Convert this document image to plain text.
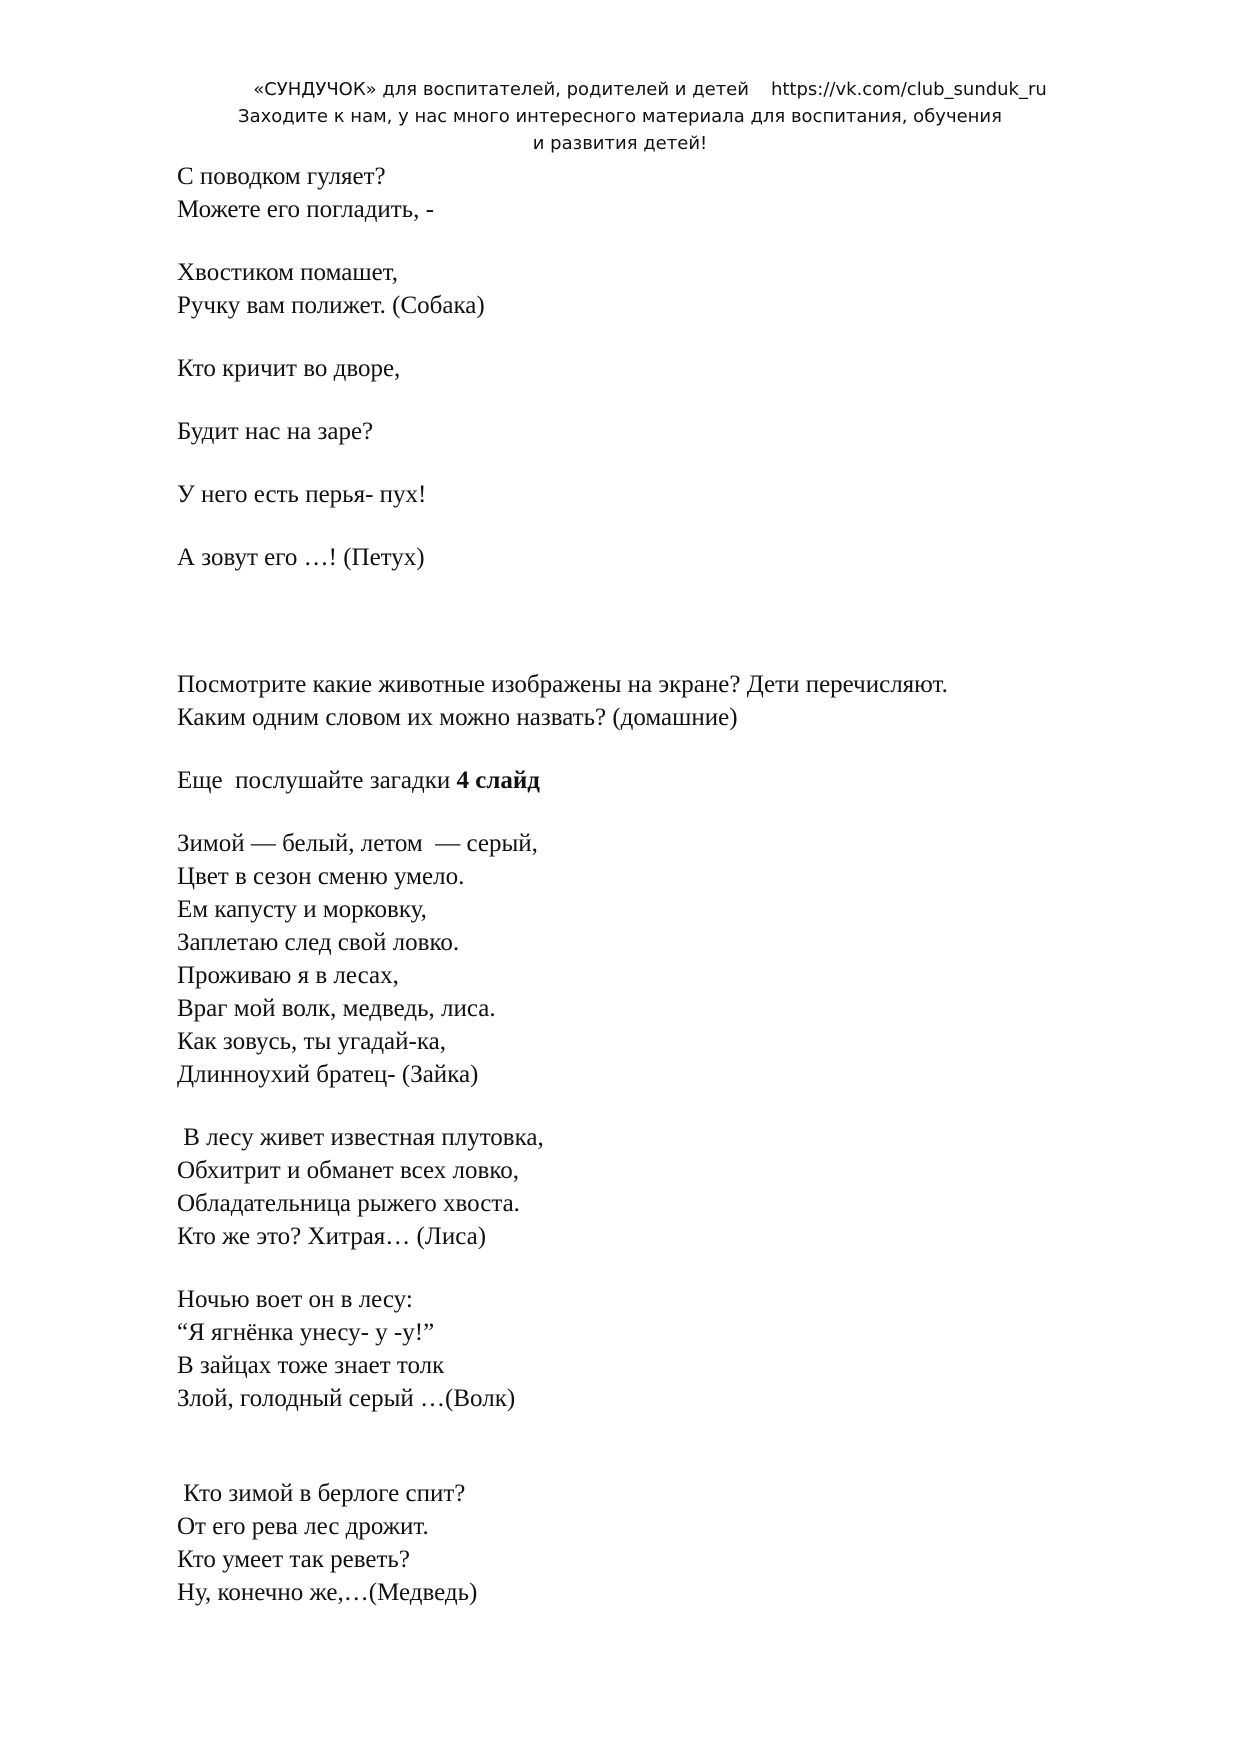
«СУНДУЧОК» для воспитателей, родителей и детей https://vk.com/club_sunduk_ru
Заходите к нам, у нас много интересного материала для воспитания, обучения
и развития детей!
С поводком гуляет?
Можете его погладить, -
Хвостиком помашет,
Ручку вам полижет. (Собака)
Кто кричит во дворе,
Будит нас на заре?
У него есть перья- пух!
А зовут его …! (Петух)
Посмотрите какие животные изображены на экране? Дети перечисляют.
Каким одним словом их можно назвать? (домашние)
Еще  послушайте загадки 4 слайд
Зимой — белый, летом  — серый,
Цвет в сезон сменю умело.
Ем капусту и морковку,
Заплетаю след свой ловко.
Проживаю я в лесах,
Враг мой волк, медведь, лиса.
Как зовусь, ты угадай-ка,
Длинноухий братец- (Зайка)
В лесу живет известная плутовка,
Обхитрит и обманет всех ловко,
Обладательница рыжего хвоста.
Кто же это? Хитрая… (Лиса)
Ночью воет он в лесу:
“Я ягнёнка унесу- у -у!”
В зайцах тоже знает толк
Злой, голодный серый …(Волк)
Кто зимой в берлоге спит?
От его рева лес дрожит.
Кто умеет так реветь?
Ну, конечно же,…(Медведь)
